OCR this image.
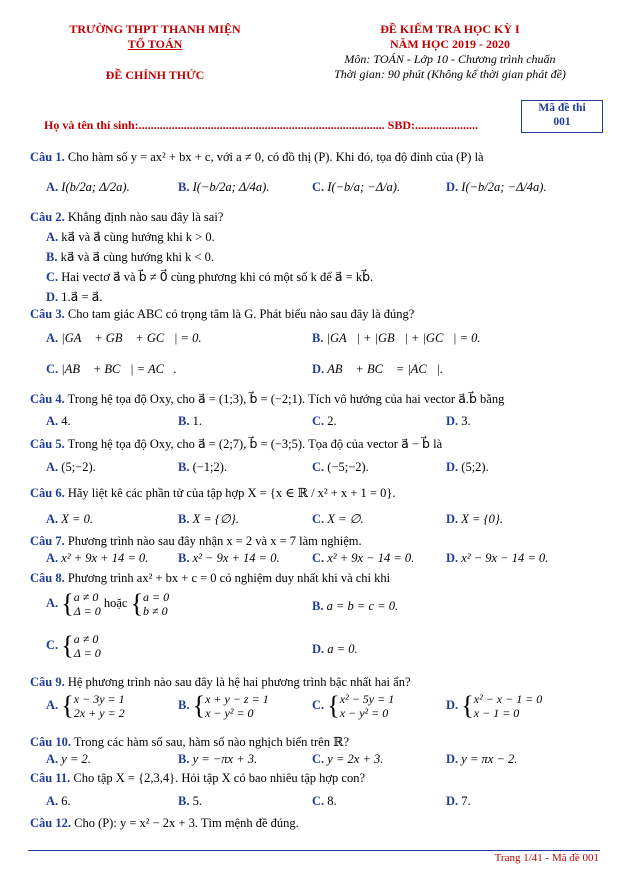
TRƯỜNG THPT THANH MIỆN
TỔ TOÁN
ĐỀ CHÍNH THỨC
ĐỀ KIỂM TRA HỌC KỲ I
NĂM HỌC 2019 - 2020
Môn: TOÁN - Lớp 10 - Chương trình chuẩn
Thời gian: 90 phút (Không kể thời gian phát đề)
Họ và tên thí sinh:.................................................................................. SBD:.....................
Mã đề thi
001
Câu 1. Cho hàm số y = ax² + bx + c, với a ≠ 0, có đồ thị (P). Khi đó, tọa độ đỉnh của (P) là
A. I(b/2a; Δ/2a).	B. I(−b/2a; Δ/4a).	C. I(−b/a; −Δ/a).	D. I(−b/2a; −Δ/4a).
Câu 2. Khẳng định nào sau đây là sai?
A. ka⃗ và a⃗ cùng hướng khi k > 0.
B. ka⃗ và a⃗ cùng hướng khi k < 0.
C. Hai vectơ a⃗ và b⃗ ≠ 0⃗ cùng phương khi có một số k để a⃗ = kb⃗.
D. 1.a⃗ = a⃗.
Câu 3. Cho tam giác ABC có trọng tâm là G. Phát biểu nào sau đây là đúng?
A. |GA⃗ + GB⃗ + GC⃗| = 0.	B. |GA⃗| + |GB⃗| + |GC⃗| = 0.
C. |AB⃗ + BC⃗| = AC⃗.	D. AB⃗ + BC⃗ = |AC⃗|.
Câu 4. Trong hệ tọa độ Oxy, cho a⃗ = (1;3), b⃗ = (−2;1). Tích vô hướng của hai vector a⃗.b⃗ bằng
A. 4.	B. 1.	C. 2.	D. 3.
Câu 5. Trong hệ tọa độ Oxy, cho a⃗ = (2;7), b⃗ = (−3;5). Tọa độ của vector a⃗ − b⃗ là
A. (5;−2).	B. (−1;2).	C. (−5;−2).	D. (5;2).
Câu 6. Hãy liệt kê các phần tử của tập hợp X = {x ∈ ℝ / x² + x + 1 = 0}.
A. X = 0.	B. X = {∅}.	C. X = ∅.	D. X = {0}.
Câu 7. Phương trình nào sau đây nhận x = 2 và x = 7 làm nghiệm.
A. x² + 9x + 14 = 0. B. x² − 9x + 14 = 0.	C. x² + 9x − 14 = 0.	D. x² − 9x − 14 = 0.
Câu 8. Phương trình ax² + bx + c = 0 có nghiệm duy nhất khi và chỉ khi
A. {a ≠ 0
Δ = 0 hoặc {a = 0
b ≠ 0	B. a = b = c = 0.
C. {a ≠ 0
Δ = 0	D. a = 0.
Câu 9. Hệ phương trình nào sau đây là hệ hai phương trình bậc nhất hai ẩn?
A. {x − 3y = 1
2x + y = 2
B. {x + y − z = 1
x − y² = 0
C. {x² − 5y = 1
x − y² = 0
D. {x² − x − 1 = 0
x − 1 = 0
Câu 10. Trong các hàm số sau, hàm số nào nghịch biến trên ℝ?
A. y = 2.	B. y = −πx + 3.	C. y = 2x + 3.	D. y = πx − 2.
Câu 11. Cho tập X = {2,3,4}. Hỏi tập X có bao nhiêu tập hợp con?
A. 6.	B. 5.	C. 8.	D. 7.
Câu 12. Cho (P): y = x² − 2x + 3. Tìm mệnh đề đúng.
Trang 1/41 - Mã đề 001
